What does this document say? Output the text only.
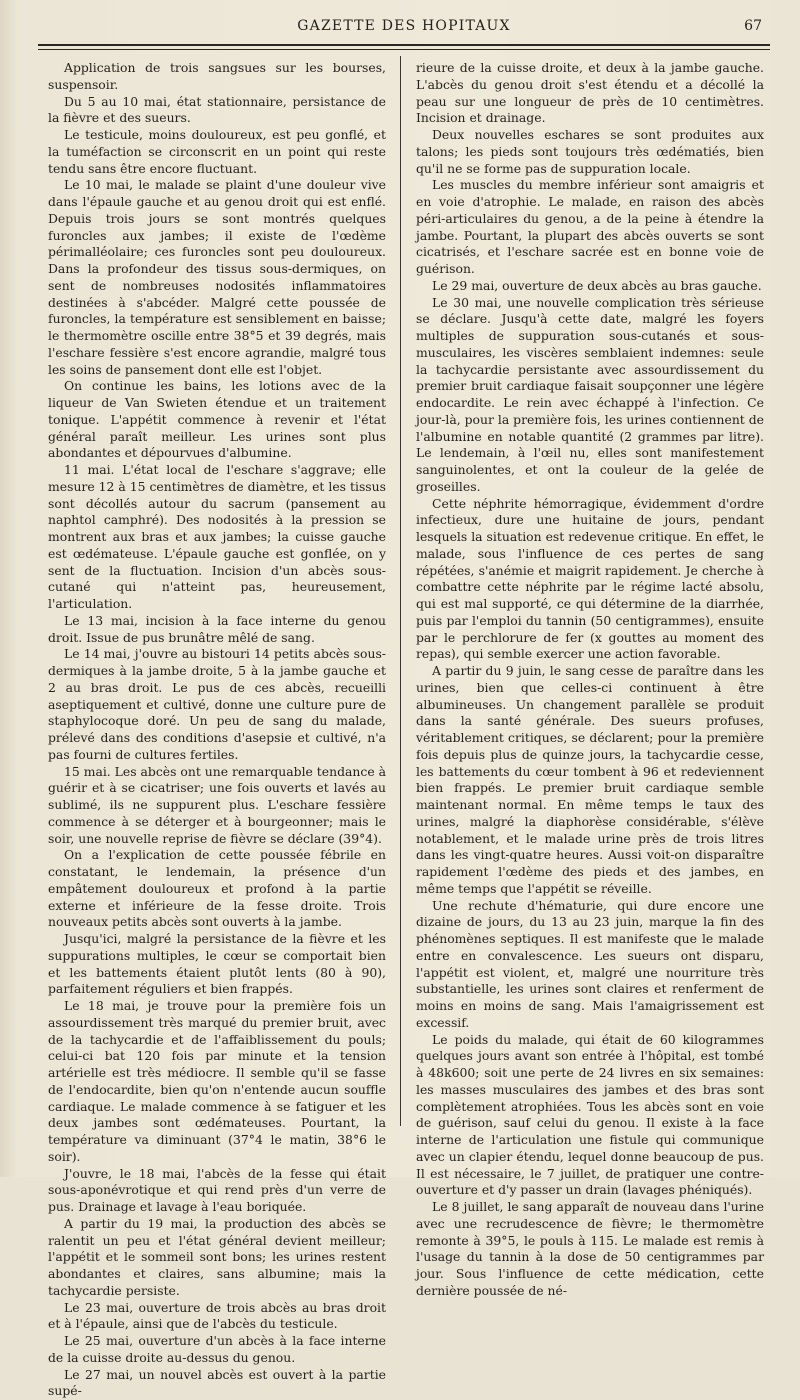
GAZETTE DES HOPITAUX	67

Application de trois sangsues sur les bourses, suspensoir.

Du 5 au 10 mai, état stationnaire, persistance de la fièvre et des sueurs.

Le testicule, moins douloureux, est peu gonflé, et la tuméfaction se circonscrit en un point qui reste tendu sans être encore fluctuant.

Le 10 mai, le malade se plaint d'une douleur vive dans l'épaule gauche et au genou droit qui est enflé. Depuis trois jours se sont montrés quelques furoncles aux jambes; il existe de l'œdème périmalléolaire; ces furoncles sont peu douloureux. Dans la profondeur des tissus sous-dermiques, on sent de nombreuses nodosités inflammatoires destinées à s'abcéder. Malgré cette poussée de furoncles, la température est sensiblement en baisse; le thermomètre oscille entre 38°5 et 39 degrés, mais l'eschare fessière s'est encore agrandie, malgré tous les soins de pansement dont elle est l'objet.

On continue les bains, les lotions avec de la liqueur de Van Swieten étendue et un traitement tonique. L'appétit commence à revenir et l'état général paraît meilleur. Les urines sont plus abondantes et dépourvues d'albumine.

11 mai. L'état local de l'eschare s'aggrave; elle mesure 12 à 15 centimètres de diamètre, et les tissus sont décollés autour du sacrum (pansement au naphtol camphré). Des nodosités à la pression se montrent aux bras et aux jambes; la cuisse gauche est œdémateuse. L'épaule gauche est gonflée, on y sent de la fluctuation. Incision d'un abcès sous-cutané qui n'atteint pas, heureusement, l'articulation.

Le 13 mai, incision à la face interne du genou droit. Issue de pus brunâtre mêlé de sang.

Le 14 mai, j'ouvre au bistouri 14 petits abcès sous-dermiques à la jambe droite, 5 à la jambe gauche et 2 au bras droit. Le pus de ces abcès, recueilli aseptiquement et cultivé, donne une culture pure de staphylocoque doré. Un peu de sang du malade, prélevé dans des conditions d'asepsie et cultivé, n'a pas fourni de cultures fertiles.

15 mai. Les abcès ont une remarquable tendance à guérir et à se cicatriser; une fois ouverts et lavés au sublimé, ils ne suppurent plus. L'eschare fessière commence à se déterger et à bourgeonner; mais le soir, une nouvelle reprise de fièvre se déclare (39°4).

On a l'explication de cette poussée fébrile en constatant, le lendemain, la présence d'un empâtement douloureux et profond à la partie externe et inférieure de la fesse droite. Trois nouveaux petits abcès sont ouverts à la jambe.

Jusqu'ici, malgré la persistance de la fièvre et les suppurations multiples, le cœur se comportait bien et les battements étaient plutôt lents (80 à 90), parfaitement réguliers et bien frappés.

Le 18 mai, je trouve pour la première fois un assourdissement très marqué du premier bruit, avec de la tachycardie et de l'affaiblissement du pouls; celui-ci bat 120 fois par minute et la tension artérielle est très médiocre. Il semble qu'il se fasse de l'endocardite, bien qu'on n'entende aucun souffle cardiaque. Le malade commence à se fatiguer et les deux jambes sont œdémateuses. Pourtant, la température va diminuant (37°4 le matin, 38°6 le soir).

J'ouvre, le 18 mai, l'abcès de la fesse qui était sous-aponévrotique et qui rend près d'un verre de pus. Drainage et lavage à l'eau boriquée.

A partir du 19 mai, la production des abcès se ralentit un peu et l'état général devient meilleur; l'appétit et le sommeil sont bons; les urines restent abondantes et claires, sans albumine; mais la tachycardie persiste.

Le 23 mai, ouverture de trois abcès au bras droit et à l'épaule, ainsi que de l'abcès du testicule.

Le 25 mai, ouverture d'un abcès à la face interne de la cuisse droite au-dessus du genou.

Le 27 mai, un nouvel abcès est ouvert à la partie supé-

rieure de la cuisse droite, et deux à la jambe gauche. L'abcès du genou droit s'est étendu et a décollé la peau sur une longueur de près de 10 centimètres. Incision et drainage.

Deux nouvelles eschares se sont produites aux talons; les pieds sont toujours très œdématiés, bien qu'il ne se forme pas de suppuration locale.

Les muscles du membre inférieur sont amaigris et en voie d'atrophie. Le malade, en raison des abcès péri-articulaires du genou, a de la peine à étendre la jambe. Pourtant, la plupart des abcès ouverts se sont cicatrisés, et l'eschare sacrée est en bonne voie de guérison.

Le 29 mai, ouverture de deux abcès au bras gauche.

Le 30 mai, une nouvelle complication très sérieuse se déclare. Jusqu'à cette date, malgré les foyers multiples de suppuration sous-cutanés et sous-musculaires, les viscères semblaient indemnes: seule la tachycardie persistante avec assourdissement du premier bruit cardiaque faisait soupçonner une légère endocardite. Le rein avec échappé à l'infection. Ce jour-là, pour la première fois, les urines contiennent de l'albumine en notable quantité (2 grammes par litre). Le lendemain, à l'œil nu, elles sont manifestement sanguinolentes, et ont la couleur de la gelée de groseilles.

Cette néphrite hémorragique, évidemment d'ordre infectieux, dure une huitaine de jours, pendant lesquels la situation est redevenue critique. En effet, le malade, sous l'influence de ces pertes de sang répétées, s'anémie et maigrit rapidement. Je cherche à combattre cette néphrite par le régime lacté absolu, qui est mal supporté, ce qui détermine de la diarrhée, puis par l'emploi du tannin (50 centigrammes), ensuite par le perchlorure de fer (x gouttes au moment des repas), qui semble exercer une action favorable.

A partir du 9 juin, le sang cesse de paraître dans les urines, bien que celles-ci continuent à être albumineuses. Un changement parallèle se produit dans la santé générale. Des sueurs profuses, véritablement critiques, se déclarent; pour la première fois depuis plus de quinze jours, la tachycardie cesse, les battements du cœur tombent à 96 et redeviennent bien frappés. Le premier bruit cardiaque semble maintenant normal. En même temps le taux des urines, malgré la diaphorèse considérable, s'élève notablement, et le malade urine près de trois litres dans les vingt-quatre heures. Aussi voit-on disparaître rapidement l'œdème des pieds et des jambes, en même temps que l'appétit se réveille.

Une rechute d'hématurie, qui dure encore une dizaine de jours, du 13 au 23 juin, marque la fin des phénomènes septiques. Il est manifeste que le malade entre en convalescence. Les sueurs ont disparu, l'appétit est violent, et, malgré une nourriture très substantielle, les urines sont claires et renferment de moins en moins de sang. Mais l'amaigrissement est excessif.

Le poids du malade, qui était de 60 kilogrammes quelques jours avant son entrée à l'hôpital, est tombé à 48k600; soit une perte de 24 livres en six semaines: les masses musculaires des jambes et des bras sont complètement atrophiées. Tous les abcès sont en voie de guérison, sauf celui du genou. Il existe à la face interne de l'articulation une fistule qui communique avec un clapier étendu, lequel donne beaucoup de pus. Il est nécessaire, le 7 juillet, de pratiquer une contre-ouverture et d'y passer un drain (lavages phéniqués).

Le 8 juillet, le sang apparaît de nouveau dans l'urine avec une recrudescence de fièvre; le thermomètre remonte à 39°5, le pouls à 115. Le malade est remis à l'usage du tannin à la dose de 50 centigrammes par jour. Sous l'influence de cette médication, cette dernière poussée de né-
